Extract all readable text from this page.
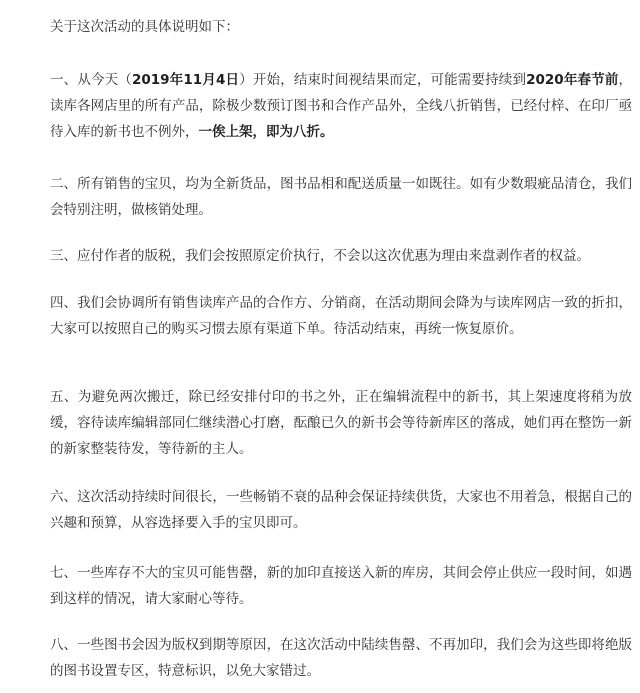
关于这次活动的具体说明如下：

一、从今天（2019年11月4日）开始，结束时间视结果而定，可能需要持续到2020年春节前，读库各网店里的所有产品，除极少数预订图书和合作产品外，全线八折销售，已经付梓、在印厂亟待入库的新书也不例外，一俟上架，即为八折。

二、所有销售的宝贝，均为全新货品，图书品相和配送质量一如既往。如有少数瑕疵品清仓，我们会特别注明，做核销处理。

三、应付作者的版税，我们会按照原定价执行，不会以这次优惠为理由来盘剥作者的权益。

四、我们会协调所有销售读库产品的合作方、分销商，在活动期间会降为与读库网店一致的折扣，大家可以按照自己的购买习惯去原有渠道下单。待活动结束，再统一恢复原价。

五、为避免两次搬迁，除已经安排付印的书之外，正在编辑流程中的新书，其上架速度将稍为放缓，容待读库编辑部同仁继续潜心打磨，酝酿已久的新书会等待新库区的落成，她们再在整饬一新的新家整装待发，等待新的主人。

六、这次活动持续时间很长，一些畅销不衰的品种会保证持续供货，大家也不用着急，根据自己的兴趣和预算，从容选择要入手的宝贝即可。

七、一些库存不大的宝贝可能售罄，新的加印直接送入新的库房，其间会停止供应一段时间，如遇到这样的情况，请大家耐心等待。

八、一些图书会因为版权到期等原因，在这次活动中陆续售罄、不再加印，我们会为这些即将绝版的图书设置专区，特意标识，以免大家错过。
